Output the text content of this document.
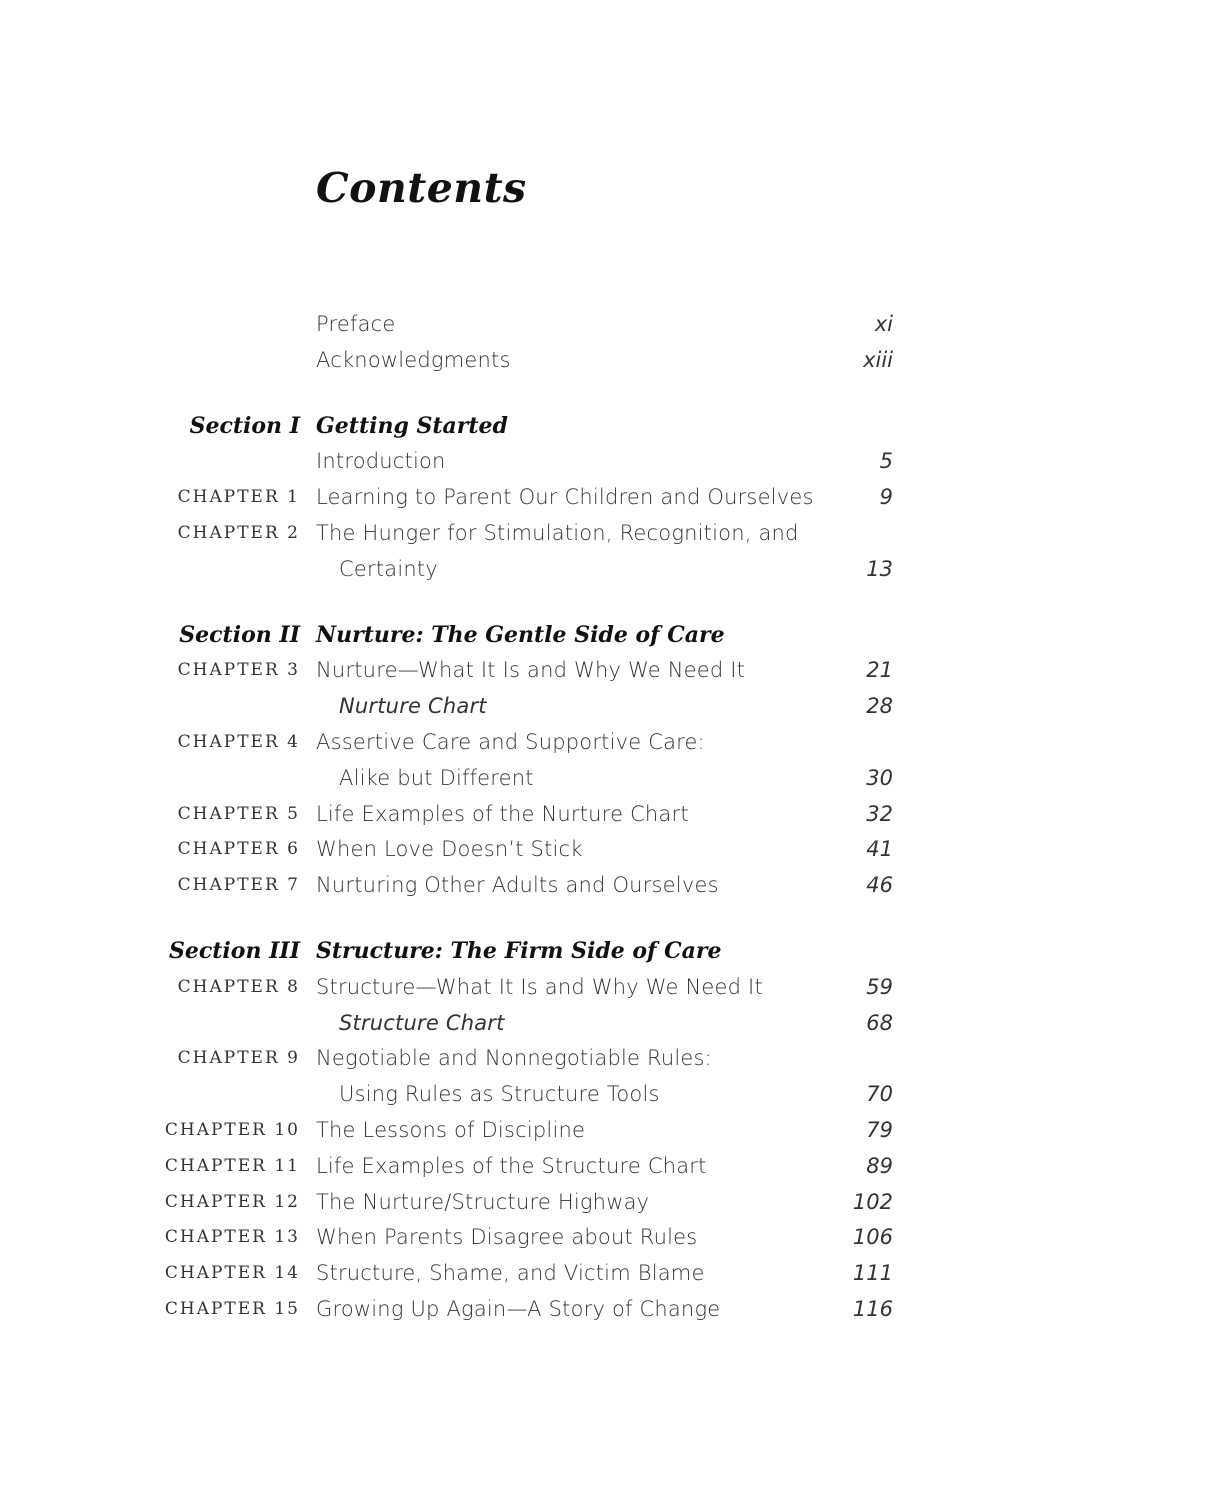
Contents
Preface	xi
Acknowledgments	xiii
Section I Getting Started
Introduction	5
CHAPTER 1 Learning to Parent Our Children and Ourselves	9
CHAPTER 2 The Hunger for Stimulation, Recognition, and
Certainty	13
Section II Nurture: The Gentle Side of Care
CHAPTER 3 Nurture—What It Is and Why We Need It	21
Nurture Chart	28
CHAPTER 4 Assertive Care and Supportive Care:
Alike but Different	30
CHAPTER 5 Life Examples of the Nurture Chart	32
CHAPTER 6 When Love Doesn’t Stick	41
CHAPTER 7 Nurturing Other Adults and Ourselves	46
Section III Structure: The Firm Side of Care
CHAPTER 8 Structure—What It Is and Why We Need It	59
Structure Chart	68
CHAPTER 9 Negotiable and Nonnegotiable Rules:
Using Rules as Structure Tools	70
CHAPTER 10 The Lessons of Discipline	79
CHAPTER 11 Life Examples of the Structure Chart	89
CHAPTER 12 The Nurture/Structure Highway	102
CHAPTER 13 When Parents Disagree about Rules	106
CHAPTER 14 Structure, Shame, and Victim Blame	111
CHAPTER 15 Growing Up Again—A Story of Change	116
